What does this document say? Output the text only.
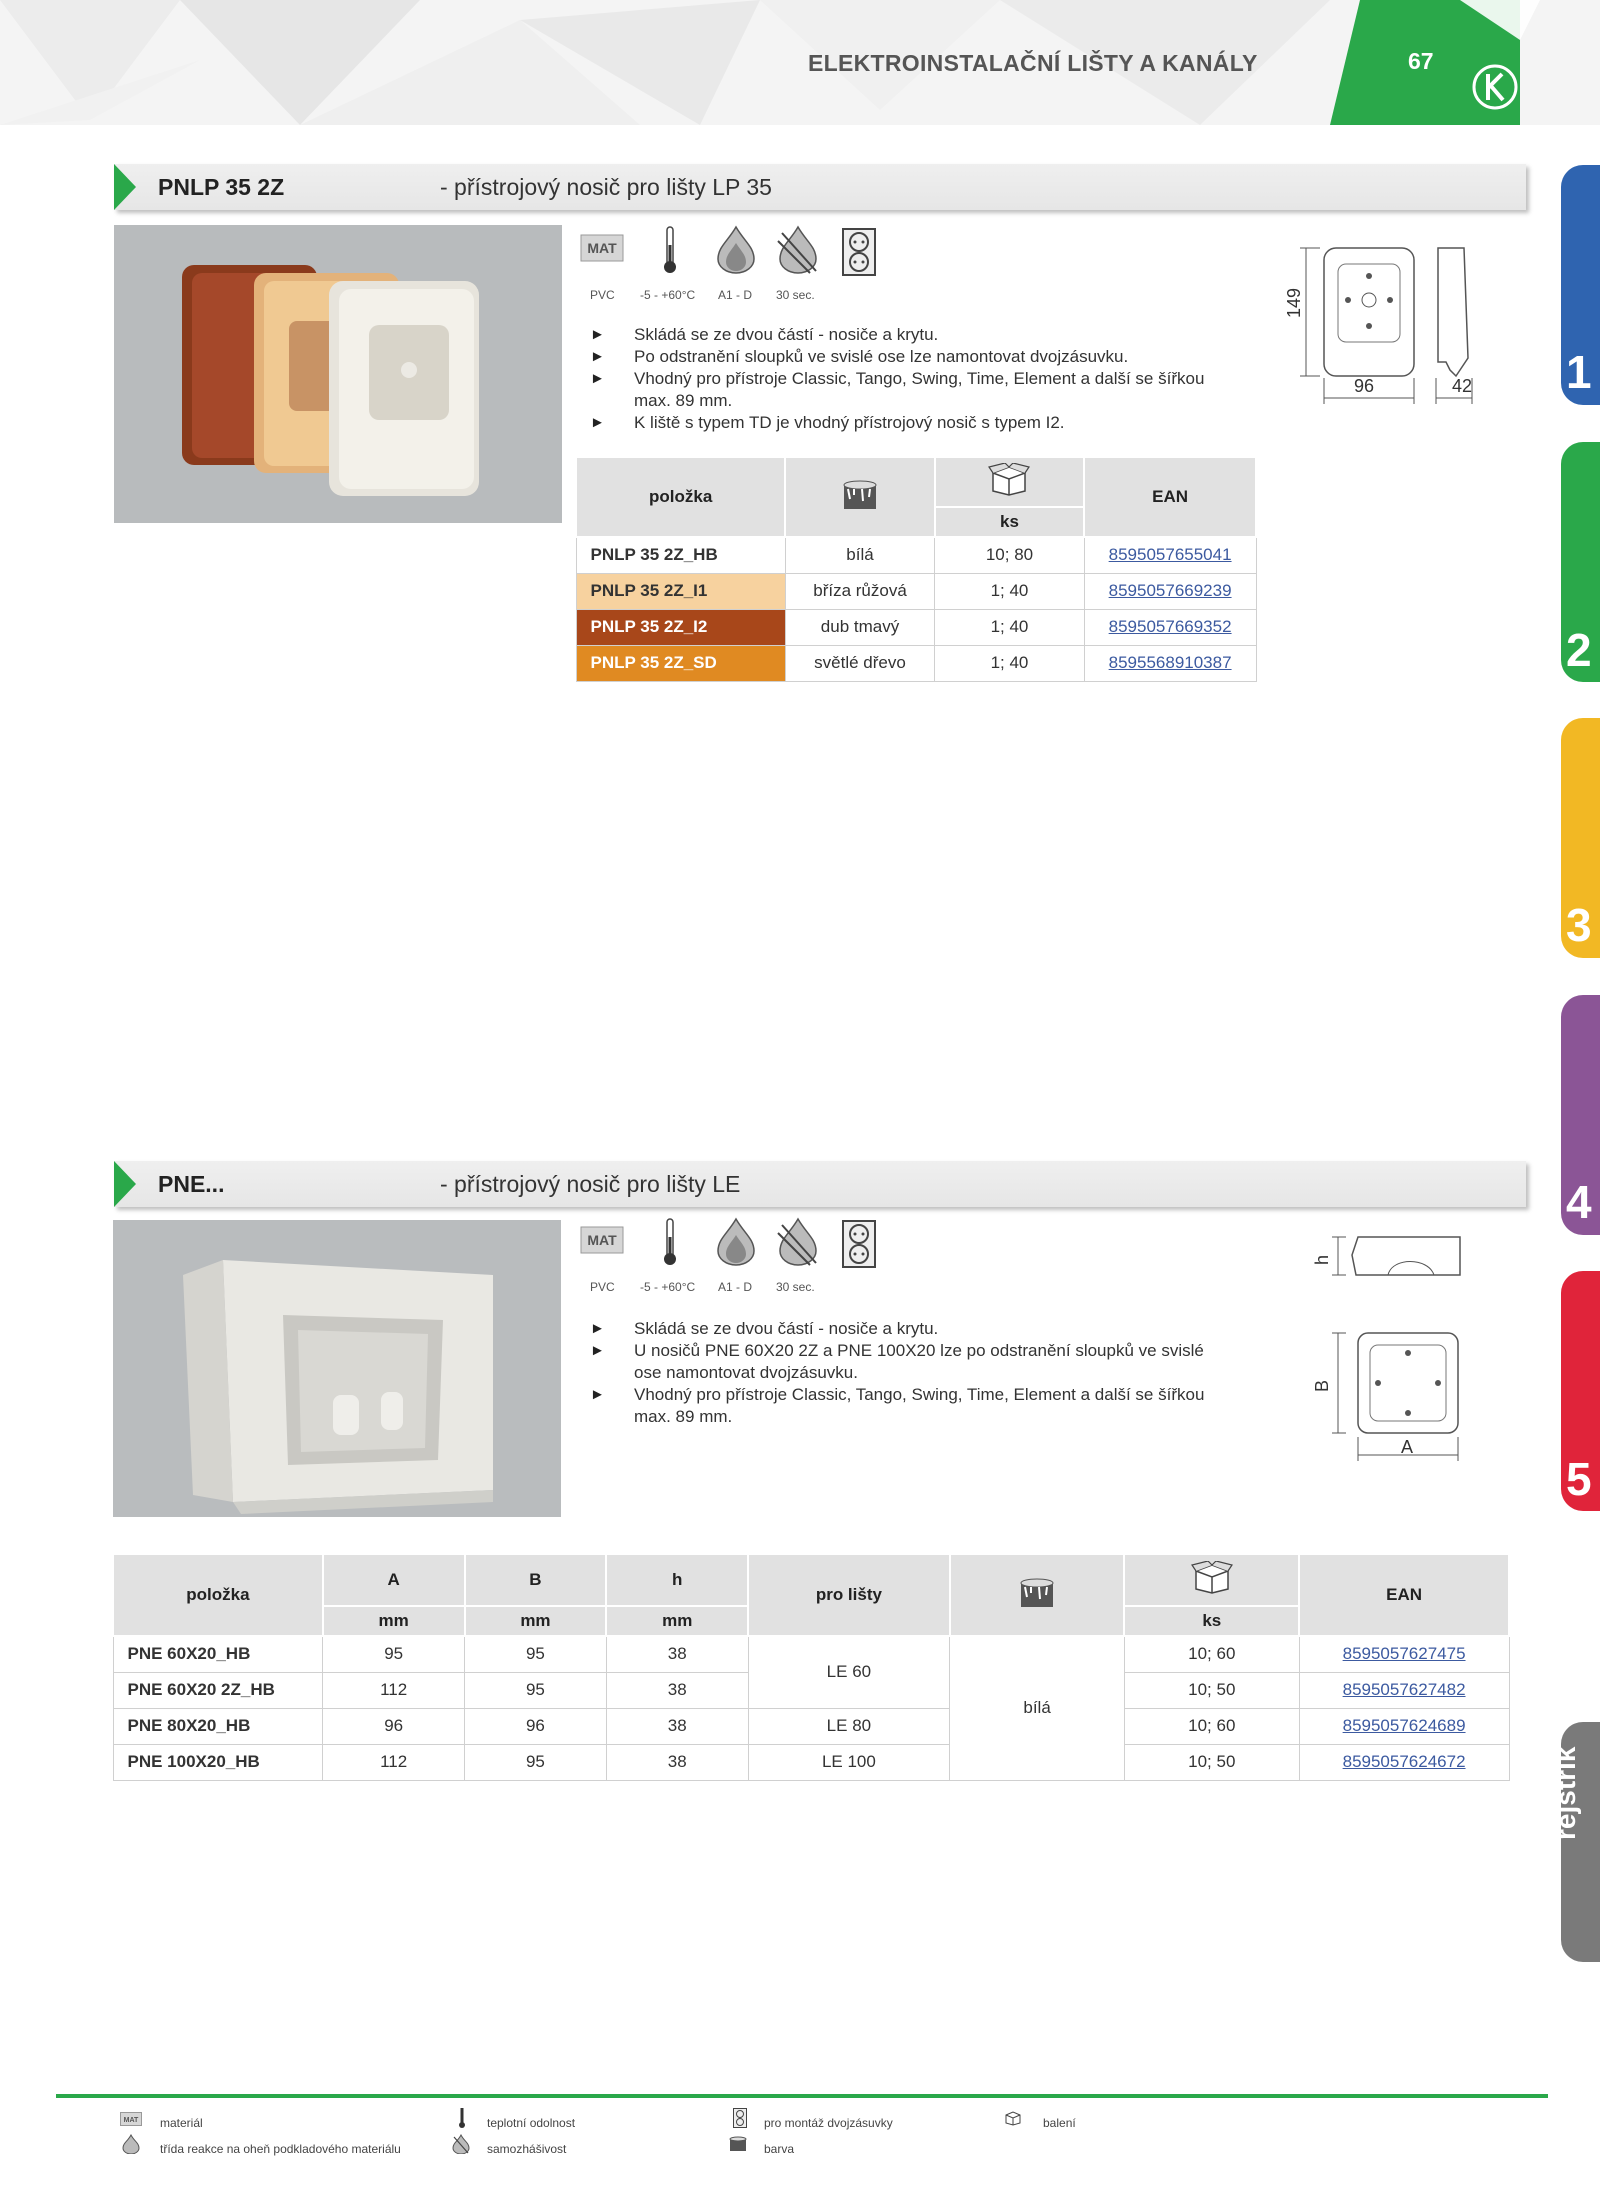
ELEKTROINSTALAČNÍ LIŠTY A KANÁLY	67
1
2
3
4
5
rejstřík
PNLP 35 2Z	- přístrojový nosič pro lišty LP 35
MAT
PVC -5 - +60°C A1 - D 30 sec.
► Skládá se ze dvou částí - nosiče a krytu.
► Po odstranění sloupků ve svislé ose lze namontovat dvojzásuvku.
► Vhodný pro přístroje Classic, Tango, Swing, Time, Element a další se šířkou max. 89 mm.
► K liště s typem TD je vhodný přístrojový nosič s typem I2.
149
96	42
položka			EAN
		ks	
PNLP 35 2Z_HB	bílá	10; 80	8595057655041
PNLP 35 2Z_I1	bříza růžová	1; 40	8595057669239
PNLP 35 2Z_I2	dub tmavý	1; 40	8595057669352
PNLP 35 2Z_SD	světlé dřevo	1; 40	8595568910387
PNE...	- přístrojový nosič pro lišty LE
MAT
PVC -5 - +60°C A1 - D 30 sec.
► Skládá se ze dvou částí - nosiče a krytu.
► U nosičů PNE 60X20 2Z a PNE 100X20 lze po odstranění sloupků ve svislé ose namontovat dvojzásuvku.
► Vhodný pro přístroje Classic, Tango, Swing, Time, Element a další se šířkou max. 89 mm.
h
B
A
položka	A	B	h	pro lišty			EAN
	mm	mm	mm			ks	
PNE 60X20_HB	95	95	38	LE 60	bílá	10; 60	8595057627475
PNE 60X20 2Z_HB	112	95	38			10; 50	8595057627482
PNE 80X20_HB	96	96	38	LE 80		10; 60	8595057624689
PNE 100X20_HB	112	95	38	LE 100		10; 50	8595057624672
MAT materiál	teplotní odolnost	pro montáž dvojzásuvky	balení
třída reakce na oheň podkladového materiálu	samozhášivost	barva
